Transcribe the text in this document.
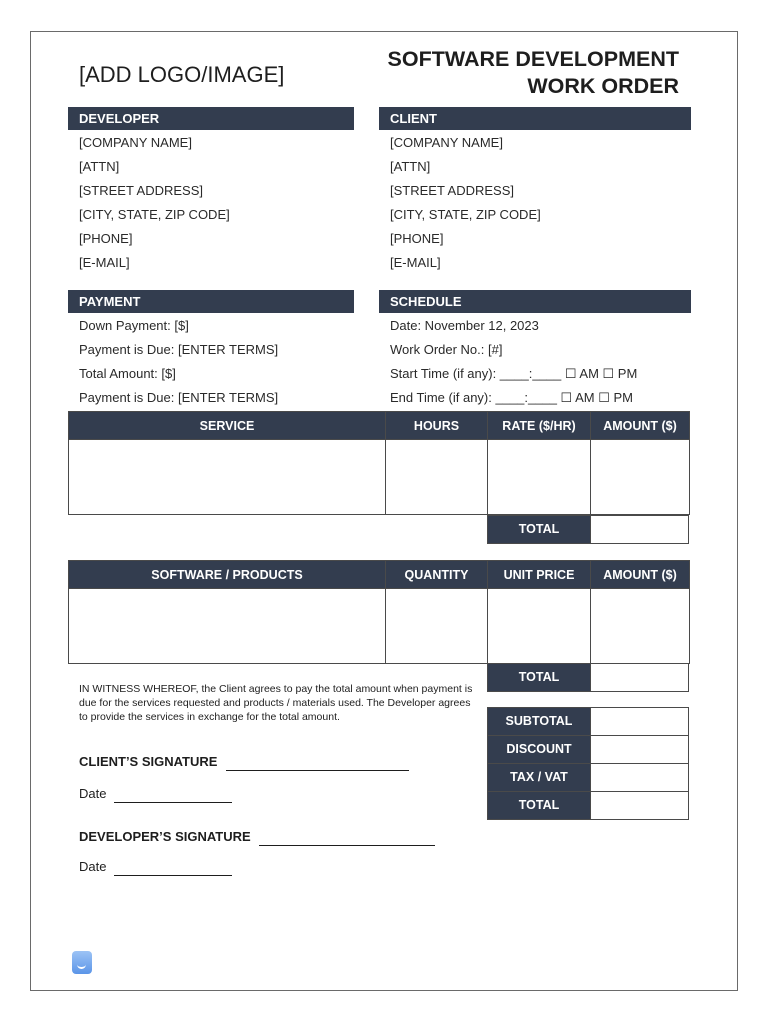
[ADD LOGO/IMAGE]
SOFTWARE DEVELOPMENT
WORK ORDER
DEVELOPER	CLIENT
[COMPANY NAME]
[ATTN]
[STREET ADDRESS]
[CITY, STATE, ZIP CODE]
[PHONE]
[E-MAIL]
[COMPANY NAME]
[ATTN]
[STREET ADDRESS]
[CITY, STATE, ZIP CODE]
[PHONE]
[E-MAIL]
PAYMENT	SCHEDULE
Down Payment: [$]
Payment is Due: [ENTER TERMS]
Total Amount: [$]
Payment is Due: [ENTER TERMS]
Date: November 12, 2023
Work Order No.: [#]
Start Time (if any): ____:____ ☐ AM ☐ PM
End Time (if any): ____:____ ☐ AM ☐ PM
SERVICE	HOURS	RATE ($/HR)	AMOUNT ($)

TOTAL
SOFTWARE / PRODUCTS	QUANTITY	UNIT PRICE	AMOUNT ($)

TOTAL
SUBTOTAL
DISCOUNT
TAX / VAT
TOTAL
IN WITNESS WHEREOF, the Client agrees to pay the total amount when payment is due for the services requested and products / materials used. The Developer agrees to provide the services in exchange for the total amount.
CLIENT’S SIGNATURE
Date
DEVELOPER’S SIGNATURE
Date
